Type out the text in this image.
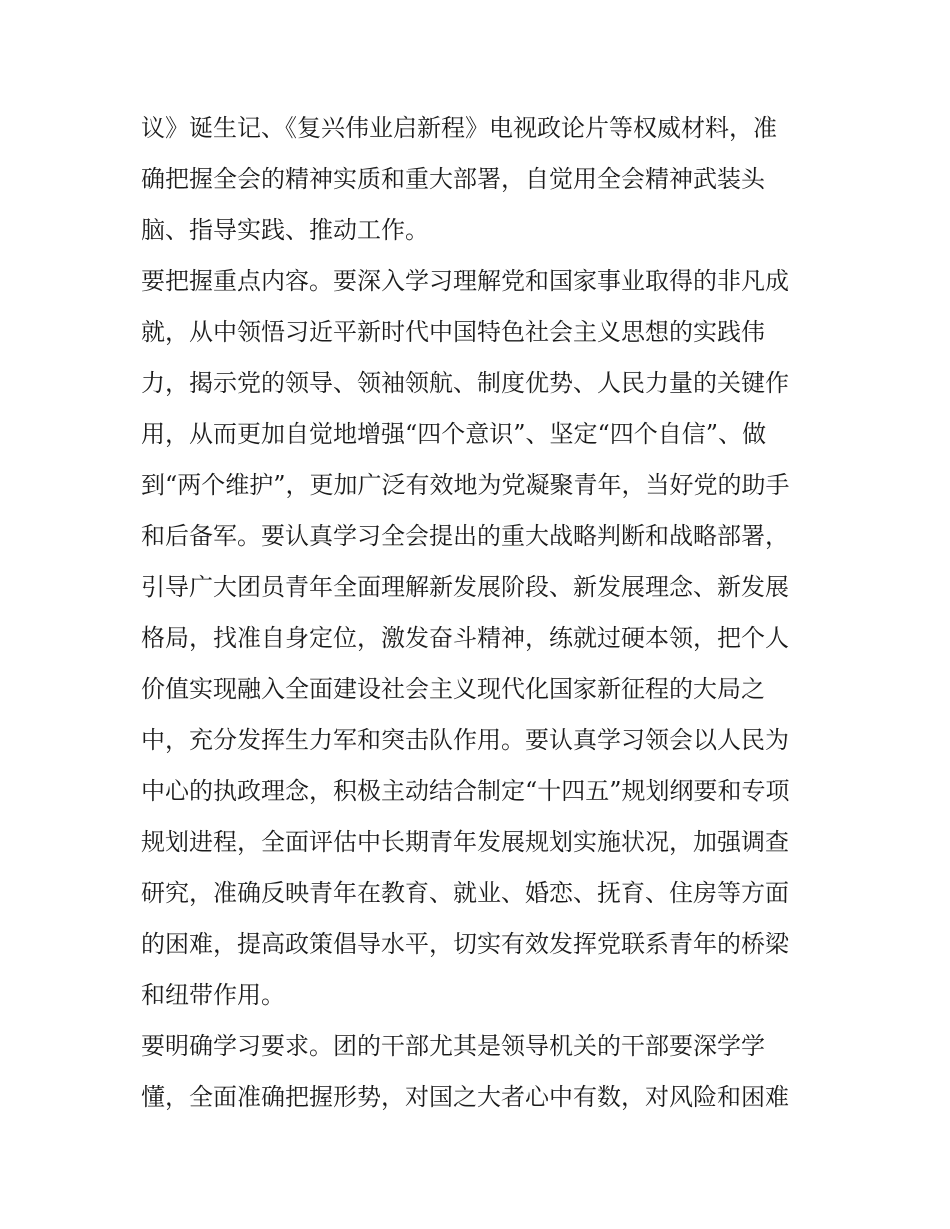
议》诞生记、《复兴伟业启新程》电视政论片等权威材料，准
确把握全会的精神实质和重大部署，自觉用全会精神武装头
脑、指导实践、推动工作。
要把握重点内容。要深入学习理解党和国家事业取得的非凡成
就，从中领悟习近平新时代中国特色社会主义思想的实践伟
力，揭示党的领导、领袖领航、制度优势、人民力量的关键作
用，从而更加自觉地增强“四个意识”、坚定“四个自信”、做
到“两个维护”，更加广泛有效地为党凝聚青年，当好党的助手
和后备军。要认真学习全会提出的重大战略判断和战略部署，
引导广大团员青年全面理解新发展阶段、新发展理念、新发展
格局，找准自身定位，激发奋斗精神，练就过硬本领，把个人
价值实现融入全面建设社会主义现代化国家新征程的大局之
中，充分发挥生力军和突击队作用。要认真学习领会以人民为
中心的执政理念，积极主动结合制定“十四五”规划纲要和专项
规划进程，全面评估中长期青年发展规划实施状况，加强调查
研究，准确反映青年在教育、就业、婚恋、抚育、住房等方面
的困难，提高政策倡导水平，切实有效发挥党联系青年的桥梁
和纽带作用。
要明确学习要求。团的干部尤其是领导机关的干部要深学学
懂，全面准确把握形势，对国之大者心中有数，对风险和困难
